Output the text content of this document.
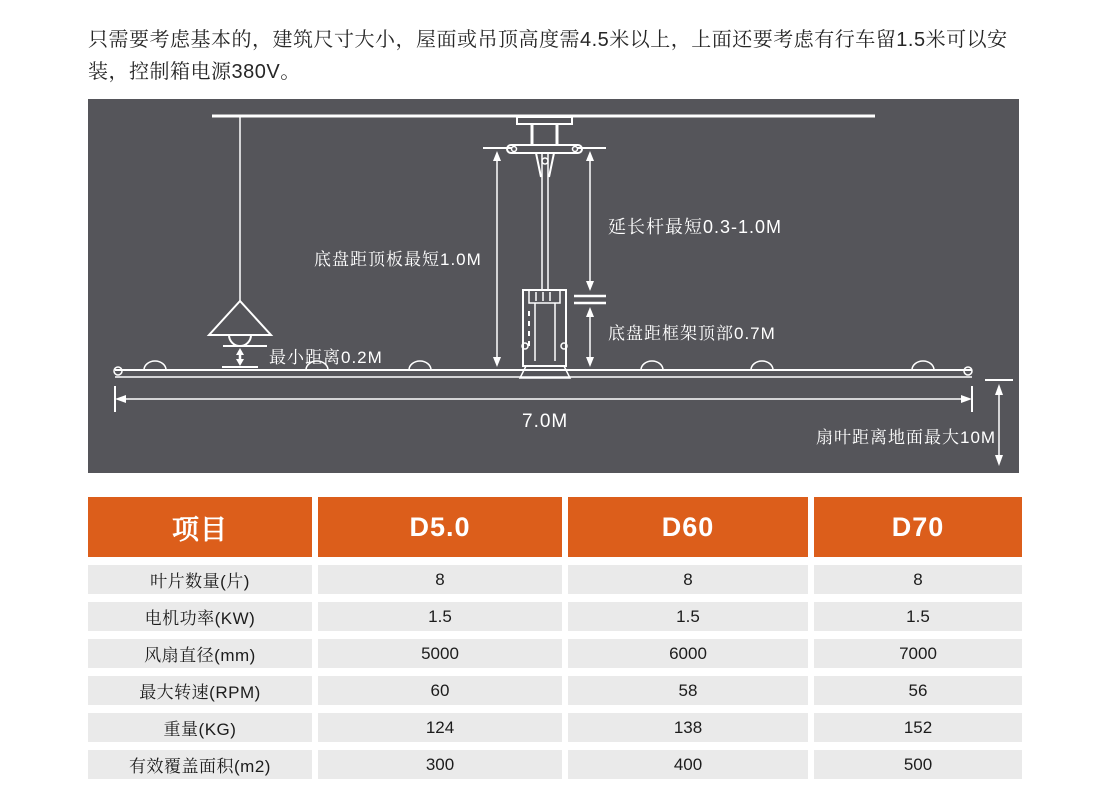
只需要考虑基本的，建筑尺寸大小，屋面或吊顶高度需4.5米以上，上面还要考虑有行车留1.5米可以安装，控制箱电源380V。
底盘距顶板最短1.0M
延长杆最短0.3-1.0M
底盘距框架顶部0.7M
最小距离0.2M
7.0M
扇叶距离地面最大10M
项目	D5.0	D60	D70
叶片数量(片)	8	8	8
电机功率(KW)	1.5	1.5	1.5
风扇直径(mm)	5000	6000	7000
最大转速(RPM)	60	58	56
重量(KG)	124	138	152
有效覆盖面积(m2)	300	400	500
